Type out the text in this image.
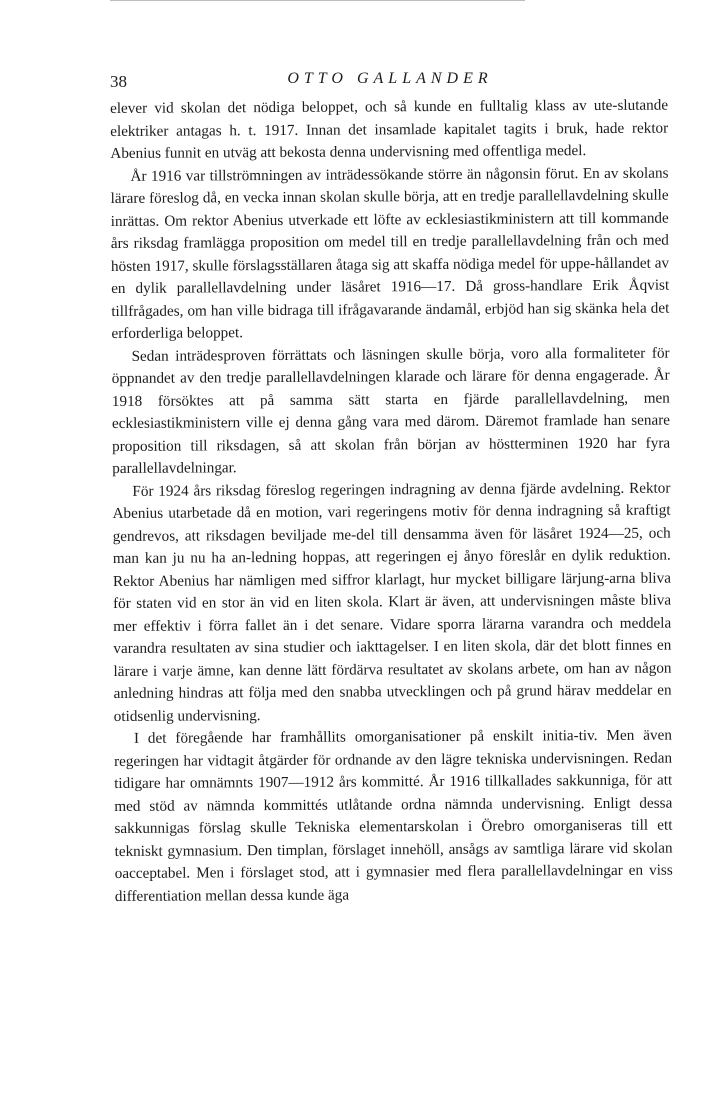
38	OTTO GALLANDER

elever vid skolan det nödiga beloppet, och så kunde en fulltalig klass av ute-slutande elektriker antagas h. t. 1917. Innan det insamlade kapitalet tagits i bruk, hade rektor Abenius funnit en utväg att bekosta denna undervisning med offentliga medel.

År 1916 var tillströmningen av inträdessökande större än någonsin förut. En av skolans lärare föreslog då, en vecka innan skolan skulle börja, att en tredje parallellavdelning skulle inrättas. Om rektor Abenius utverkade ett löfte av ecklesiastikministern att till kommande års riksdag framlägga proposition om medel till en tredje parallellavdelning från och med hösten 1917, skulle förslagsställaren åtaga sig att skaffa nödiga medel för uppe-hållandet av en dylik parallellavdelning under läsåret 1916—17. Då gross-handlare Erik Åqvist tillfrågades, om han ville bidraga till ifrågavarande ändamål, erbjöd han sig skänka hela det erforderliga beloppet.

Sedan inträdesproven förrättats och läsningen skulle börja, voro alla formaliteter för öppnandet av den tredje parallellavdelningen klarade och lärare för denna engagerade. År 1918 försöktes att på samma sätt starta en fjärde parallellavdelning, men ecklesiastikministern ville ej denna gång vara med därom. Däremot framlade han senare proposition till riksdagen, så att skolan från början av höstterminen 1920 har fyra parallellavdelningar.

För 1924 års riksdag föreslog regeringen indragning av denna fjärde avdelning. Rektor Abenius utarbetade då en motion, vari regeringens motiv för denna indragning så kraftigt gendrevos, att riksdagen beviljade me-del till densamma även för läsåret 1924—25, och man kan ju nu ha an-ledning hoppas, att regeringen ej ånyo föreslår en dylik reduktion. Rektor Abenius har nämligen med siffror klarlagt, hur mycket billigare lärjung-arna bliva för staten vid en stor än vid en liten skola. Klart är även, att undervisningen måste bliva mer effektiv i förra fallet än i det senare. Vidare sporra lärarna varandra och meddela varandra resultaten av sina studier och iakttagelser. I en liten skola, där det blott finnes en lärare i varje ämne, kan denne lätt fördärva resultatet av skolans arbete, om han av någon anledning hindras att följa med den snabba utvecklingen och på grund härav meddelar en otidsenlig undervisning.

I det föregående har framhållits omorganisationer på enskilt initia-tiv. Men även regeringen har vidtagit åtgärder för ordnande av den lägre tekniska undervisningen. Redan tidigare har omnämnts 1907—1912 års kommitté. År 1916 tillkallades sakkunniga, för att med stöd av nämnda kommittés utlåtande ordna nämnda undervisning. Enligt dessa sakkunnigas förslag skulle Tekniska elementarskolan i Örebro omorganiseras till ett tekniskt gymnasium. Den timplan, förslaget innehöll, ansågs av samtliga lärare vid skolan oacceptabel. Men i förslaget stod, att i gymnasier med flera parallellavdelningar en viss differentiation mellan dessa kunde äga
